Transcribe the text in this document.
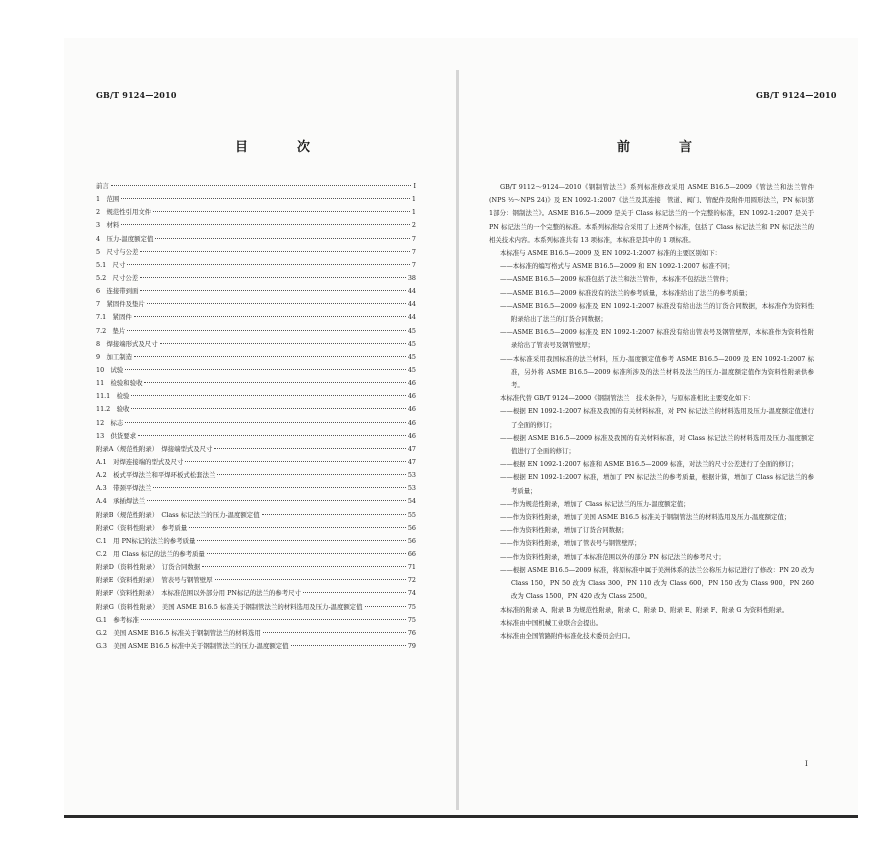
GB/T 9124—2010	GB/T 9124—2010
目　次	前　言
前言	Ⅰ
1　范围	1
2　规范性引用文件	1
3　材料	2
4　压力-温度额定值	7
5　尺寸与公差	7
5.1　尺寸	7
5.2　尺寸公差	38
6　连接带到面	44
7　紧固件及垫片	44
7.1　紧固件	44
7.2　垫片	45
8　焊接端形式及尺寸	45
9　加工制造	45
10　试验	45
11　检验和验收	46
11.1　检验	46
11.2　验收	46
12　标志	46
13　供货要求	46
附录A（规范性附录）　焊接端型式及尺寸	47
A.1　对焊连接端的型式及尺寸	47
A.2　板式平焊法兰和平焊环板式松套法兰	53
A.3　带颈平焊法兰	53
A.4　承插焊法兰	54
附录B（规范性附录）　Class 标记法兰的压力-温度额定值	55
附录C（资料性附录）　参考质量	56
C.1　用 PN标记的法兰的参考质量	56
C.2　用 Class 标记的法兰的参考质量	66
附录D（资料性附录）　订货合同数据	71
附录E（资料性附录）　管表号与钢管壁厚	72
附录F（资料性附录）　本标准范围以外部分用 PN标记的法兰的参考尺寸	74
附录G（资料性附录）　美国 ASME B16.5 标准关于钢制管法兰的材料选用及压力-温度额定值	75
G.1　参考标准	75
G.2　美国 ASME B16.5 标准关于钢制管法兰的材料选用	76
G.3　美国 ASME B16.5 标准中关于钢制管法兰的压力-温度额定值	79

GB/T 9112～9124—2010《钢制管法兰》系列标准修改采用 ASME B16.5—2009《管法兰和法兰管件(NPS ½～NPS 24)》及 EN 1092-1:2007《法兰及其连接　管道、阀门、管配件及附件用圆形法兰，PN 标识第1部分：钢制法兰》。ASME B16.5—2009 是关于 Class 标记法兰的一个完整的标准，EN 1092-1:2007 是关于 PN 标记法兰的一个完整的标准。本系列标准综合采用了上述两个标准，包括了 Class 标记法兰和 PN 标记法兰的相关技术内容。本系列标准共有 13 项标准，本标准是其中的 1 项标准。

本标准与 ASME B16.5—2009 及 EN 1092-1:2007 标准的主要区别如下：

——本标准的编写格式与 ASME B16.5—2009 和 EN 1092-1:2007 标准不同；

——ASME B16.5—2009 标准包括了法兰和法兰管件，本标准不包括法兰管件；

——ASME B16.5—2009 标准没有的法兰的参考质量，本标准给出了法兰的参考质量；

——ASME B16.5—2009 标准及 EN 1092-1:2007 标准没有给出法兰的订货合同数据，本标准作为资料性附录给出了法兰的订货合同数据；

——ASME B16.5—2009 标准及 EN 1092-1:2007 标准没有给出管表号及钢管壁厚，本标准作为资料性附录给出了管表号及钢管壁厚；

——本标准采用我国标准的法兰材料，压力-温度额定值参考 ASME B16.5—2009 及 EN 1092-1:2007 标准，另外将 ASME B16.5—2009 标准所涉及的法兰材料及法兰的压力-温度额定值作为资料性附录供参考。

本标准代替 GB/T 9124—2000《钢制管法兰　技术条件》，与原标准相比主要变化如下：

——根据 EN 1092-1:2007 标准及我国的有关材料标准，对 PN 标记法兰的材料选用及压力-温度额定值进行了全面的修订；

——根据 ASME B16.5—2009 标准及我国的有关材料标准，对 Class 标记法兰的材料选用及压力-温度额定值进行了全面的修订；

——根据 EN 1092-1:2007 标准和 ASME B16.5—2009 标准，对法兰的尺寸公差进行了全面的修订；

——根据 EN 1092-1:2007 标准，增加了 PN 标记法兰的参考质量，根据计算，增加了 Class 标记法兰的参考质量；

——作为规范性附录，增加了 Class 标记法兰的压力-温度额定值；

——作为资料性附录，增加了美国 ASME B16.5 标准关于钢制管法兰的材料选用及压力-温度额定值；

——作为资料性附录，增加了订货合同数据；

——作为资料性附录，增加了管表号与钢管壁厚；

——作为资料性附录，增加了本标准范围以外的部分 PN 标记法兰的参考尺寸；

——根据 ASME B16.5—2009 标准，将原标准中属于美洲体系的法兰公称压力标记进行了修改：PN 20 改为 Class 150，PN 50 改为 Class 300，PN 110 改为 Class 600，PN 150 改为 Class 900，PN 260 改为 Class 1500，PN 420 改为 Class 2500。

本标准的附录 A、附录 B 为规范性附录，附录 C、附录 D、附录 E、附录 F、附录 G 为资料性附录。

本标准由中国机械工业联合会提出。

本标准由全国管路附件标准化技术委员会归口。

Ⅰ
